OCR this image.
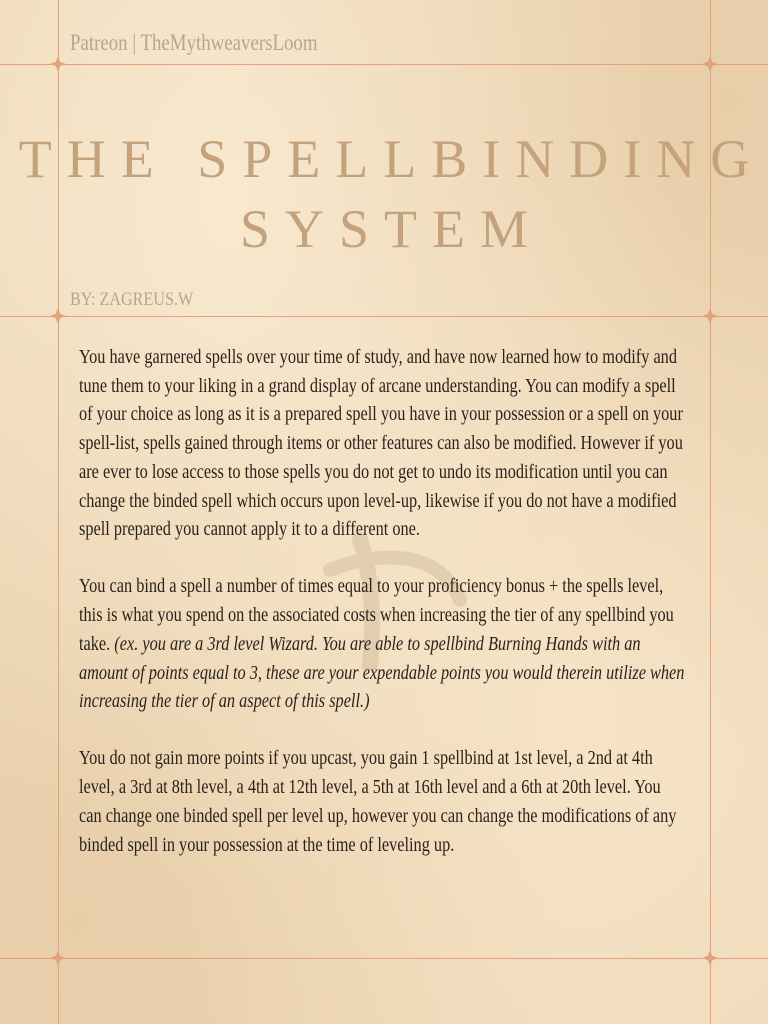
Patreon | TheMythweaversLoom
THE SPELLBINDING
SYSTEM
BY: ZAGREUS.W

You have garnered spells over your time of study, and have now learned how to modify and tune them to your liking in a grand display of arcane understanding. You can modify a spell of your choice as long as it is a prepared spell you have in your possession or a spell on your spell-list, spells gained through items or other features can also be modified. However if you are ever to lose access to those spells you do not get to undo its modification until you can change the binded spell which occurs upon level-up, likewise if you do not have a modified spell prepared you cannot apply it to a different one.

You can bind a spell a number of times equal to your proficiency bonus + the spells level, this is what you spend on the associated costs when increasing the tier of any spellbind you take. (ex. you are a 3rd level Wizard. You are able to spellbind Burning Hands with an amount of points equal to 3, these are your expendable points you would therein utilize when increasing the tier of an aspect of this spell.)

You do not gain more points if you upcast, you gain 1 spellbind at 1st level, a 2nd at 4th level, a 3rd at 8th level, a 4th at 12th level, a 5th at 16th level and a 6th at 20th level. You can change one binded spell per level up, however you can change the modifications of any binded spell in your possession at the time of leveling up.
